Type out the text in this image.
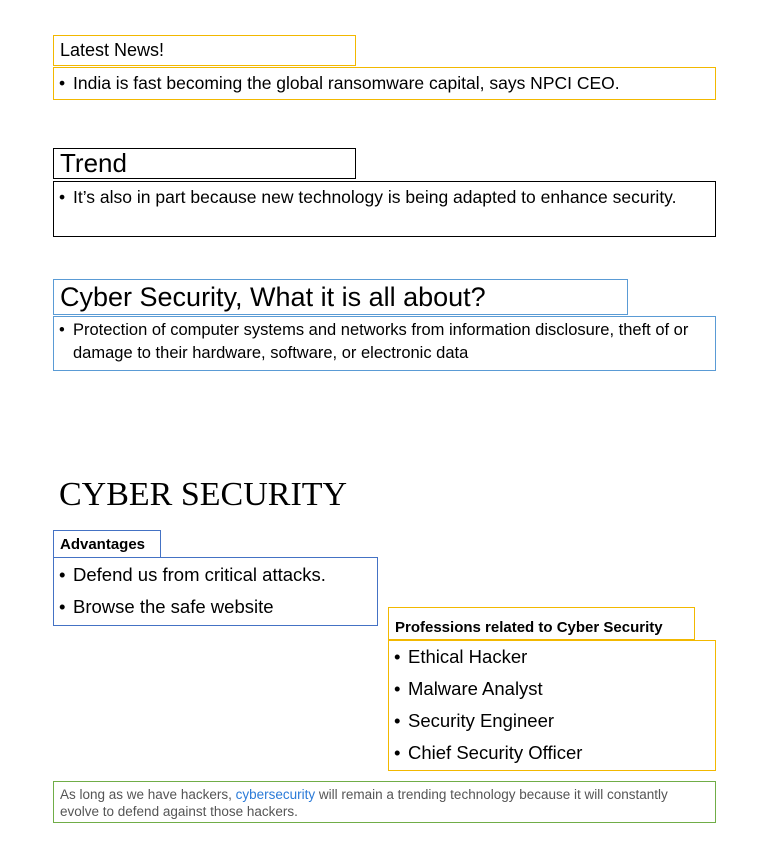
Latest News!
• India is fast becoming the global ransomware capital, says NPCI CEO.
Trend
• It’s also in part because new technology is being adapted to enhance security.
Cyber Security, What it is all about?
• Protection of computer systems and networks from information disclosure, theft of or damage to their hardware, software, or electronic data
CYBER SECURITY
Advantages
• Defend us from critical attacks.
• Browse the safe website
Professions related to Cyber Security
• Ethical Hacker
• Malware Analyst
• Security Engineer
• Chief Security Officer
As long as we have hackers, cybersecurity will remain a trending technology because it will constantly evolve to defend against those hackers.
